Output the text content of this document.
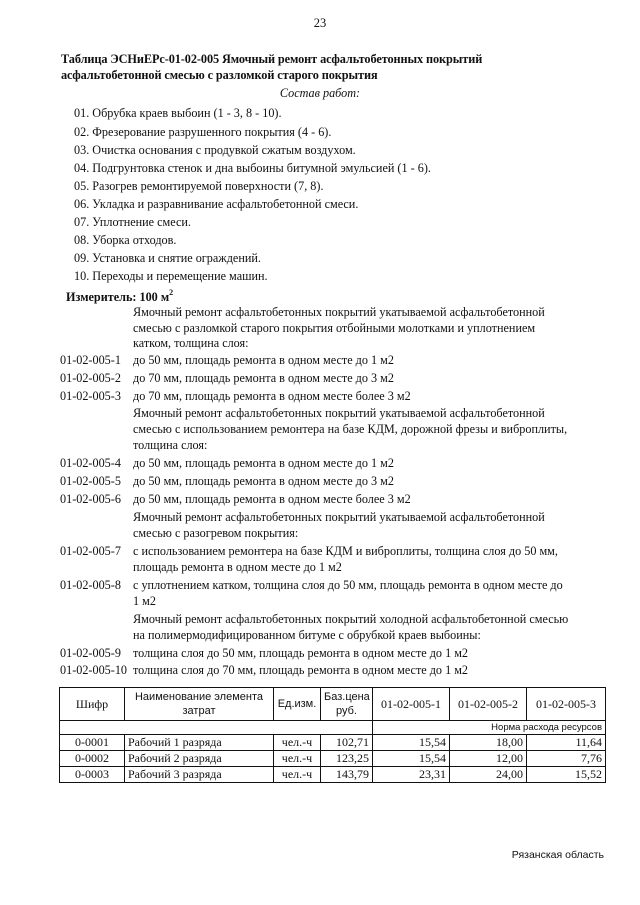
23
Таблица ЭСНиЕРс-01-02-005 Ямочный ремонт асфальтобетонных покрытий
асфальтобетонной смесью с разломкой старого покрытия
Состав работ:
01. Обрубка краев выбоин (1 - 3, 8 - 10).
02. Фрезерование разрушенного покрытия (4 - 6).
03. Очистка основания с продувкой сжатым воздухом.
04. Подгрунтовка стенок и дна выбоины битумной эмульсией (1 - 6).
05. Разогрев ремонтируемой поверхности (7, 8).
06. Укладка и разравнивание асфальтобетонной смеси.
07. Уплотнение смеси.
08. Уборка отходов.
09. Установка и снятие ограждений.
10. Переходы и перемещение машин.
Измеритель: 100 $м^2$
Ямочный ремонт асфальтобетонных покрытий укатываемой асфальтобетонной
смесью с разломкой старого покрытия отбойными молотками и уплотнением
катком, толщина слоя:
01-02-005-1 до 50 мм, площадь ремонта в одном месте до 1 м2
01-02-005-2 до 70 мм, площадь ремонта в одном месте до 3 м2
01-02-005-3 до 70 мм, площадь ремонта в одном месте более 3 м2
Ямочный ремонт асфальтобетонных покрытий укатываемой асфальтобетонной
смесью с использованием ремонтера на базе КДМ, дорожной фрезы и виброплиты,
толщина слоя:
01-02-005-4 до 50 мм, площадь ремонта в одном месте до 1 м2
01-02-005-5 до 50 мм, площадь ремонта в одном месте до 3 м2
01-02-005-6 до 50 мм, площадь ремонта в одном месте более 3 м2
Ямочный ремонт асфальтобетонных покрытий укатываемой асфальтобетонной
смесью с разогревом покрытия:
01-02-005-7 с использованием ремонтера на базе КДМ и виброплиты, толщина слоя до 50 мм,
площадь ремонта в одном месте до 1 м2
01-02-005-8 с уплотнением катком, толщина слоя до 50 мм, площадь ремонта в одном месте до
1 м2
Ямочный ремонт асфальтобетонных покрытий холодной асфальтобетонной смесью
на полимермодифицированном битуме с обрубкой краев выбоины:
01-02-005-9 толщина слоя до 50 мм, площадь ремонта в одном месте до 1 м2
01-02-005-10 толщина слоя до 70 мм, площадь ремонта в одном месте до 1 м2
Шифр	Наименование элемента затрат	Ед.изм.	Баз.цена руб.	01-02-005-1	01-02-005-2	01-02-005-3
				Норма расхода ресурсов		
0-0001	Рабочий 1 разряда	чел.-ч	102,71	15,54	18,00	11,64
0-0002	Рабочий 2 разряда	чел.-ч	123,25	15,54	12,00	7,76
0-0003	Рабочий 3 разряда	чел.-ч	143,79	23,31	24,00	15,52
Рязанская область
